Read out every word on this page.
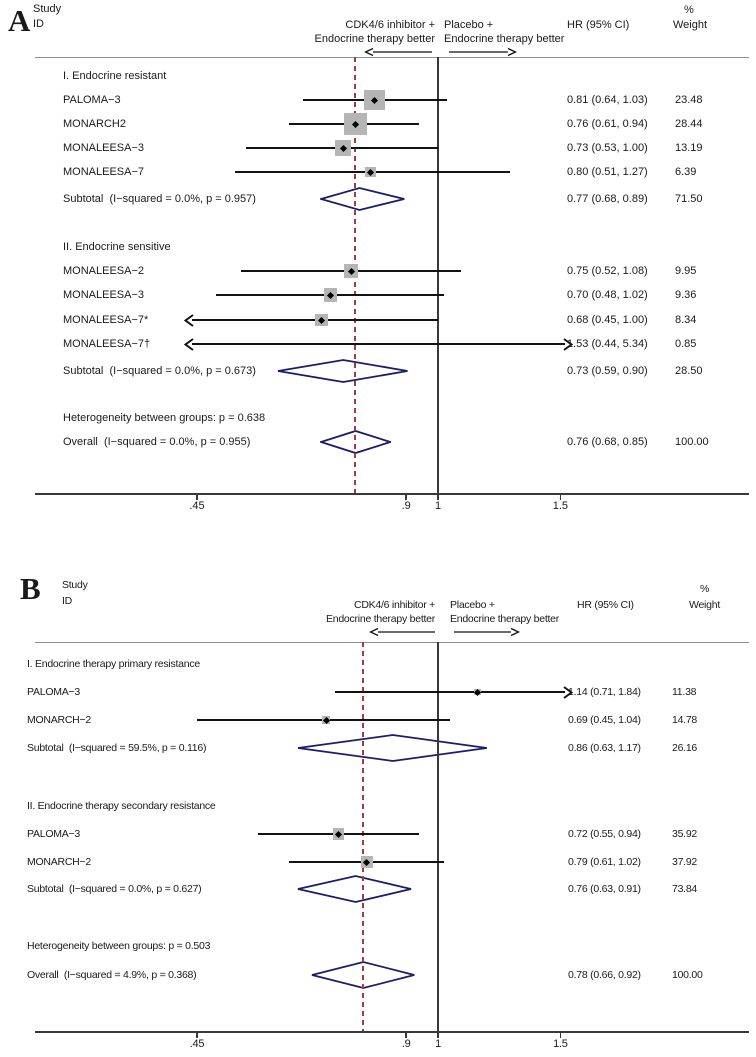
A Study
ID	CDK4/6 inhibitor +
Endocrine therapy better
Placebo +
Endocrine therapy better
HR (95% CI)
%
Weight
.45	.9	1	1.5
I. Endocrine resistant
PALOMA−3	0.81 (0.64, 1.03) 23.48
MONARCH2	0.76 (0.61, 0.94) 28.44
MONALEESA−3	0.73 (0.53, 1.00) 13.19
MONALEESA−7	0.80 (0.51, 1.27) 6.39
Subtotal  (I−squared = 0.0%, p = 0.957)	0.77 (0.68, 0.89) 71.50
II. Endocrine sensitive
MONALEESA−2	0.75 (0.52, 1.08) 9.95
MONALEESA−3	0.70 (0.48, 1.02) 9.36
MONALEESA−7*	0.68 (0.45, 1.00) 8.34
MONALEESA−7†	1.53 (0.44, 5.34) 0.85
Subtotal  (I−squared = 0.0%, p = 0.673)	0.73 (0.59, 0.90) 28.50
Heterogeneity between groups: p = 0.638
Overall  (I−squared = 0.0%, p = 0.955)	0.76 (0.68, 0.85) 100.00
B Study
ID	CDK4/6 inhibitor +
Endocrine therapy better
Placebo +
Endocrine therapy better
HR (95% CI)
%
Weight
.45	.9	1	1.5
I. Endocrine therapy primary resistance
PALOMA−3	1.14 (0.71, 1.84)	11.38
MONARCH−2	0.69 (0.45, 1.04)	14.78
Subtotal  (I−squared = 59.5%, p = 0.116)	0.86 (0.63, 1.17)	26.16
II. Endocrine therapy secondary resistance
PALOMA−3	0.72 (0.55, 0.94)	35.92
MONARCH−2	0.79 (0.61, 1.02)	37.92
Subtotal  (I−squared = 0.0%, p = 0.627)	0.76 (0.63, 0.91)	73.84
Heterogeneity between groups: p = 0.503
Overall  (I−squared = 4.9%, p = 0.368)	0.78 (0.66, 0.92)	100.00
